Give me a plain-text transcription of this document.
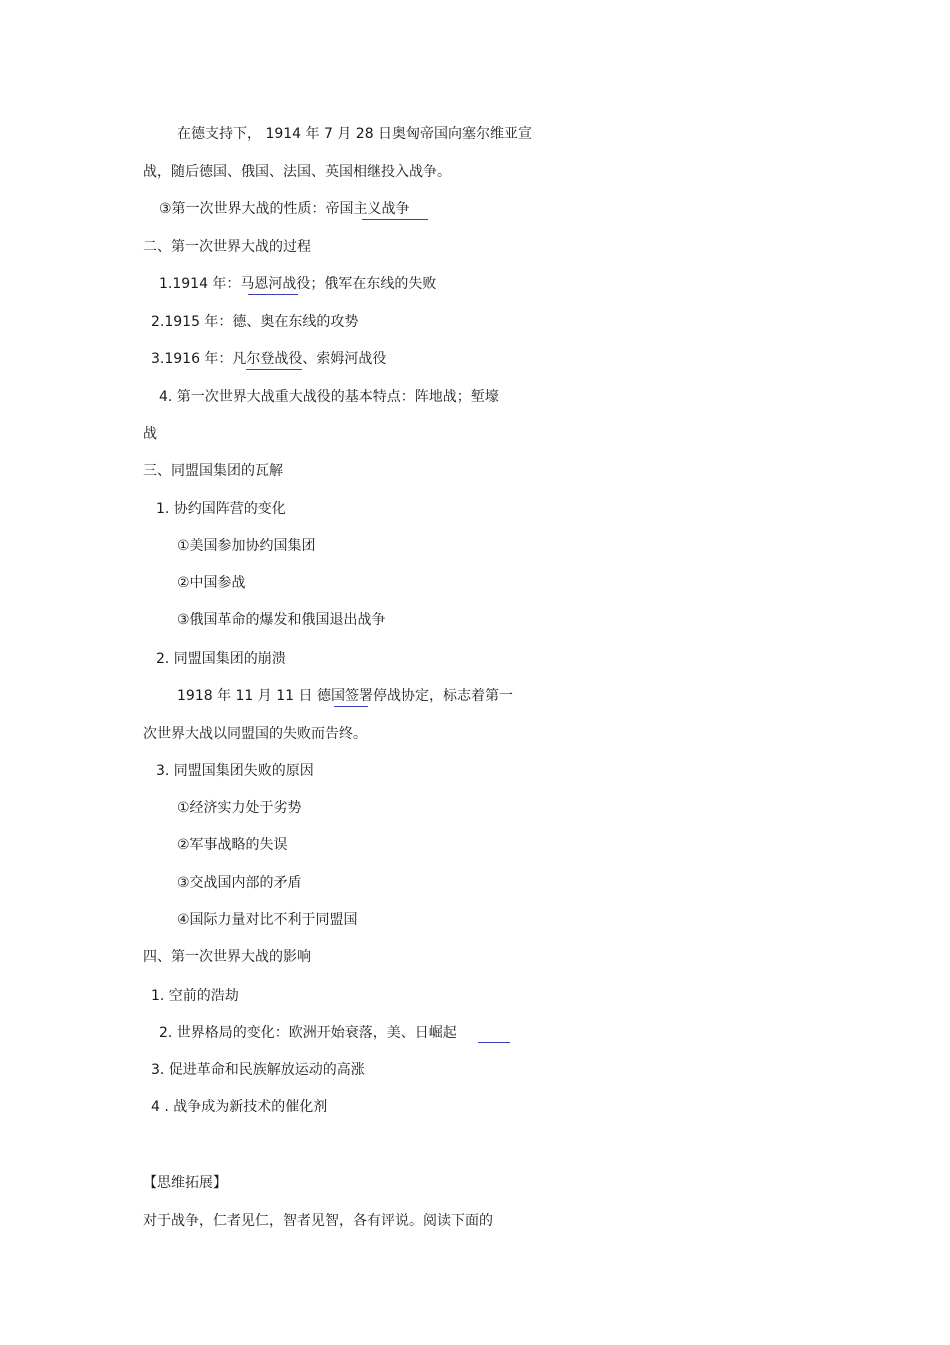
在德支持下， 1914 年 7 月 28 日奥匈帝国向塞尔维亚宣
战，随后德国、俄国、法国、英国相继投入战争。
③第一次世界大战的性质：帝国主义战争
二、第一次世界大战的过程
1.1914 年：马恩河战役；俄军在东线的失败
2.1915 年：德、奥在东线的攻势
3.1916 年：凡尔登战役、索姆河战役
4. 第一次世界大战重大战役的基本特点：阵地战；堑壕
战
三、同盟国集团的瓦解
1. 协约国阵营的变化
①美国参加协约国集团
②中国参战
③俄国革命的爆发和俄国退出战争
2. 同盟国集团的崩溃
1918 年 11 月 11 日 德国签署停战协定，标志着第一
次世界大战以同盟国的失败而告终。
3. 同盟国集团失败的原因
①经济实力处于劣势
②军事战略的失误
③交战国内部的矛盾
④国际力量对比不利于同盟国
四、第一次世界大战的影响
1. 空前的浩劫
2. 世界格局的变化：欧洲开始衰落，美、日崛起
3. 促进革命和民族解放运动的高涨
4 . 战争成为新技术的催化剂
【思维拓展】
对于战争，仁者见仁，智者见智，各有评说。阅读下面的
